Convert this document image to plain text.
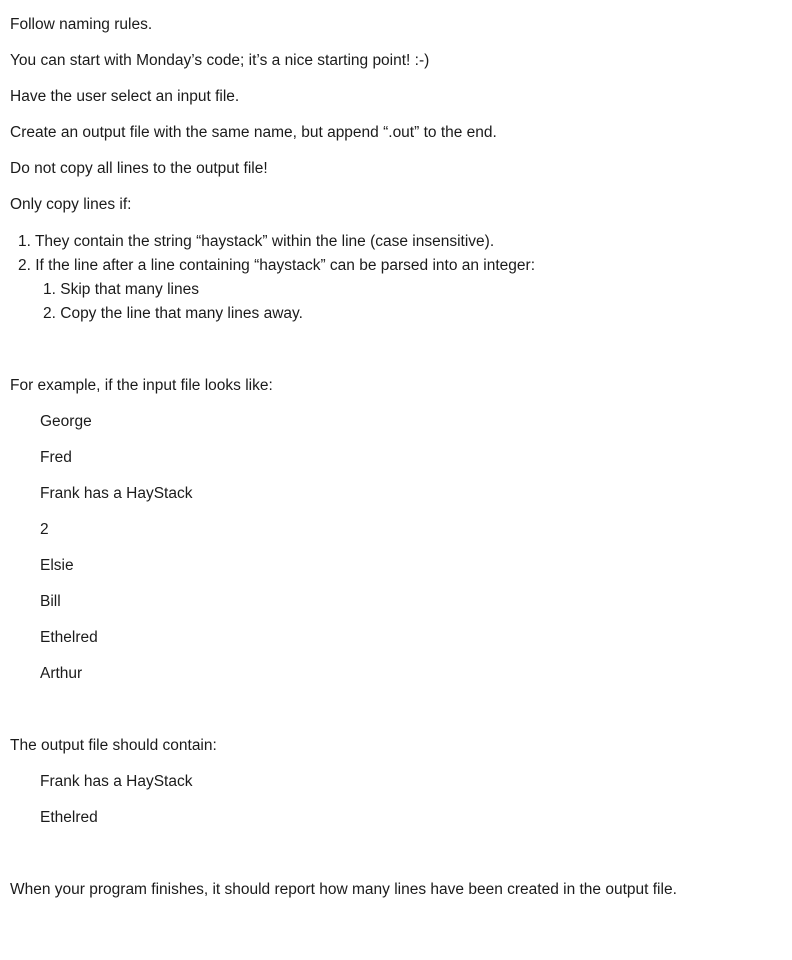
Follow naming rules.

You can start with Monday’s code; it’s a nice starting point! :-)

Have the user select an input file.

Create an output file with the same name, but append “.out” to the end.

Do not copy all lines to the output file!

Only copy lines if:

1. They contain the string “haystack” within the line (case insensitive).
2. If the line after a line containing “haystack” can be parsed into an integer:
1. Skip that many lines
2. Copy the line that many lines away.

For example, if the input file looks like:

George

Fred

Frank has a HayStack

2

Elsie

Bill

Ethelred

Arthur

The output file should contain:

Frank has a HayStack

Ethelred

When your program finishes, it should report how many lines have been created in the output file.
